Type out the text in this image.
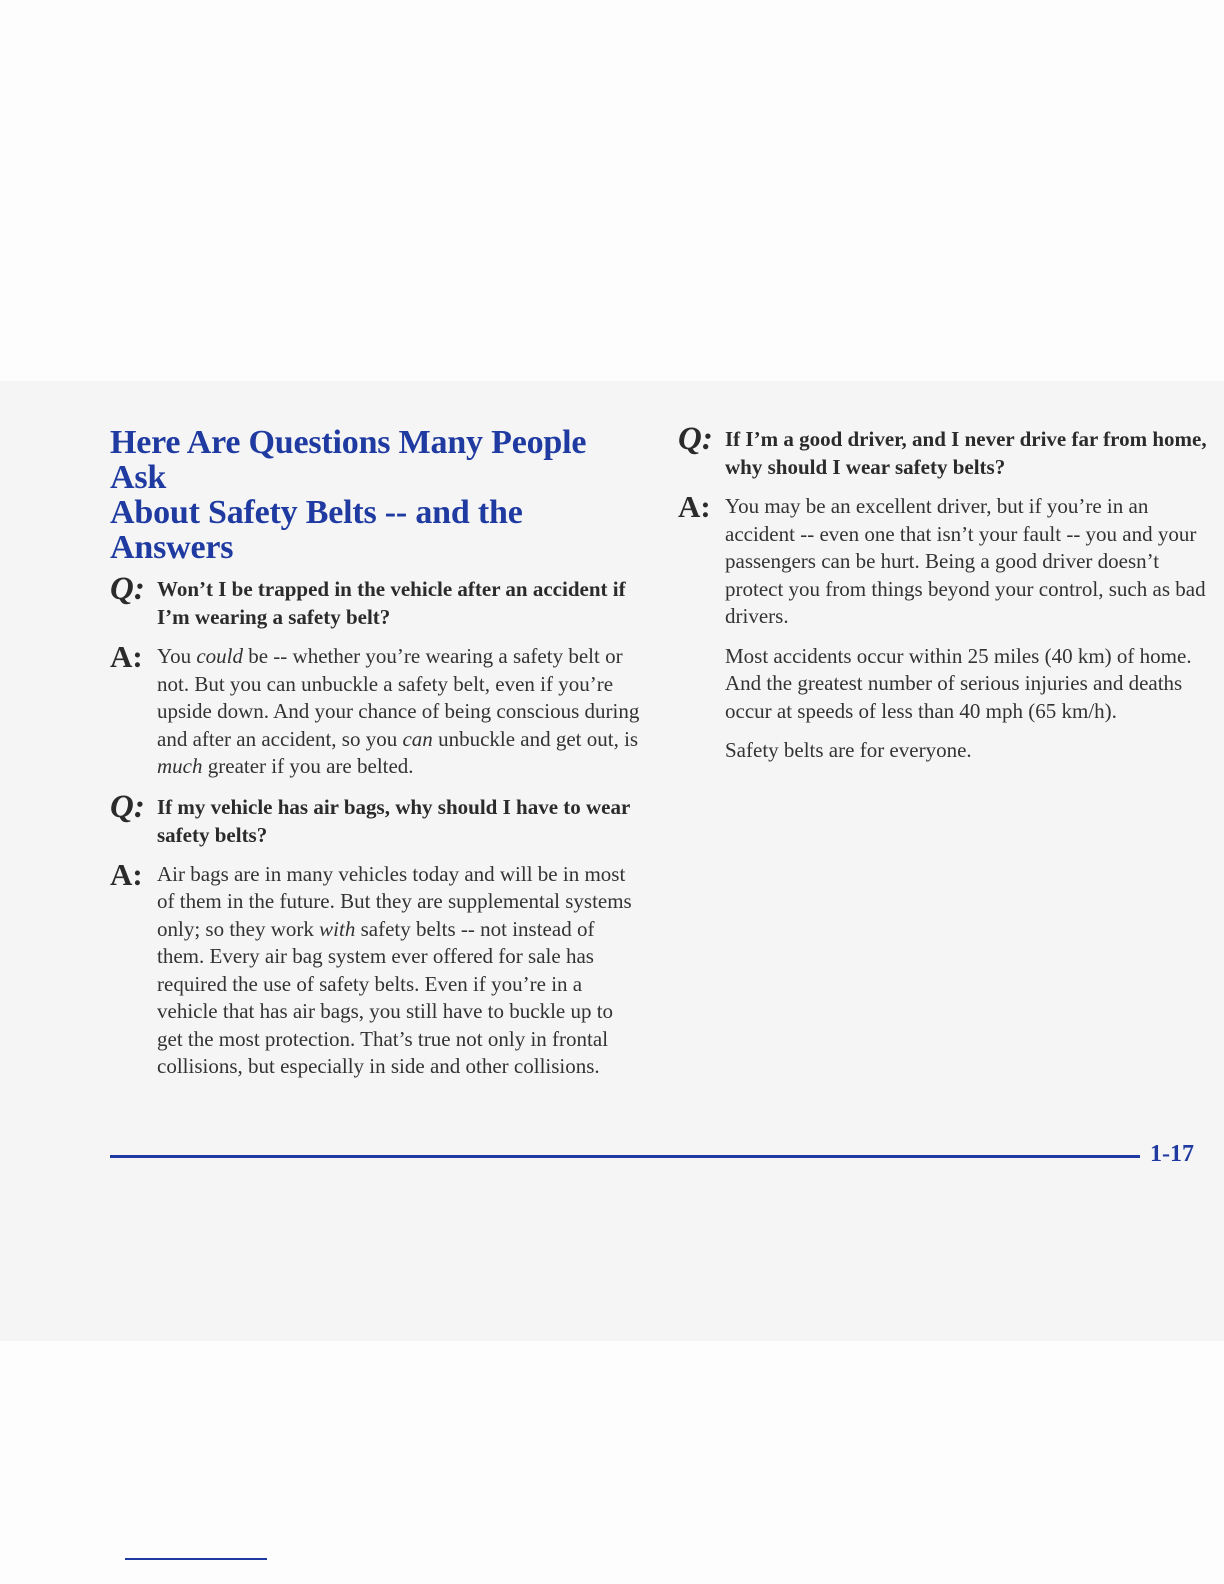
Here Are Questions Many People Ask
About Safety Belts -- and the Answers
Q: Won’t I be trapped in the vehicle after an accident if I’m wearing a safety belt?
A: You could be -- whether you’re wearing a safety belt or not. But you can unbuckle a safety belt, even if you’re upside down. And your chance of being conscious during and after an accident, so you can unbuckle and get out, is much greater if you are belted.
Q: If my vehicle has air bags, why should I have to wear safety belts?
A: Air bags are in many vehicles today and will be in most of them in the future. But they are supplemental systems only; so they work with safety belts -- not instead of them. Every air bag system ever offered for sale has required the use of safety belts. Even if you’re in a vehicle that has air bags, you still have to buckle up to get the most protection. That’s true not only in frontal collisions, but especially in side and other collisions.
Q: If I’m a good driver, and I never drive far from home, why should I wear safety belts?
A: You may be an excellent driver, but if you’re in an accident -- even one that isn’t your fault -- you and your passengers can be hurt. Being a good driver doesn’t protect you from things beyond your control, such as bad drivers.

Most accidents occur within 25 miles (40 km) of home. And the greatest number of serious injuries and deaths occur at speeds of less than 40 mph (65 km/h).

Safety belts are for everyone.

1-17
